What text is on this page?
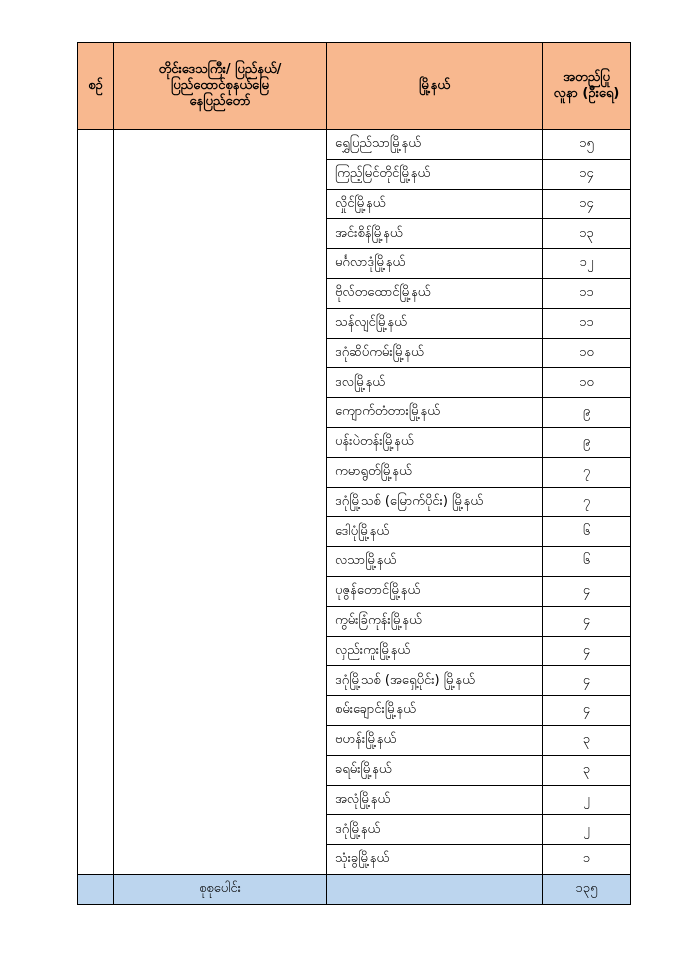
စဉ်	တိုင်းဒေသကြီး/ ပြည်နယ်/
ပြည်ထောင်စုနယ်မြေ
နေပြည်တော်	မြို့နယ်	အတည်ပြု
လူနာ (ဦးရေ)

		ရွှေပြည်သာမြို့နယ်	၁၅
		ကြည့်မြင်တိုင်မြို့နယ်	၁၄
		လှိုင်မြို့နယ်	၁၄
		အင်းစိန်မြို့နယ်	၁၃
		မင်္ဂလာဒုံမြို့နယ်	၁၂
		ဗိုလ်တထောင်မြို့နယ်	၁၁
		သန်လျင်မြို့နယ်	၁၁
		ဒဂုံဆိပ်ကမ်းမြို့နယ်	၁၀
		ဒလမြို့နယ်	၁၀
		ကျောက်တံတားမြို့နယ်	၉
		ပန်းပဲတန်းမြို့နယ်	၉
		ကမာရွတ်မြို့နယ်	၇
		ဒဂုံမြို့သစ် (မြောက်ပိုင်း) မြို့နယ်	၇
		ဒေါပုံမြို့နယ်	၆
		လသာမြို့နယ်	၆
		ပုဇွန်တောင်မြို့နယ်	၄
		ကွမ်းခြံကုန်းမြို့နယ်	၄
		လှည်းကူးမြို့နယ်	၄
		ဒဂုံမြို့သစ် (အရှေ့ပိုင်း) မြို့နယ်	၄
		စမ်းချောင်းမြို့နယ်	၄
		ဗဟန်းမြို့နယ်	၃
		ခရမ်းမြို့နယ်	၃
		အလုံမြို့နယ်	၂
		ဒဂုံမြို့နယ်	၂
		သုံးခွမြို့နယ်	၁
	စုစုပေါင်း		၁၃၅
